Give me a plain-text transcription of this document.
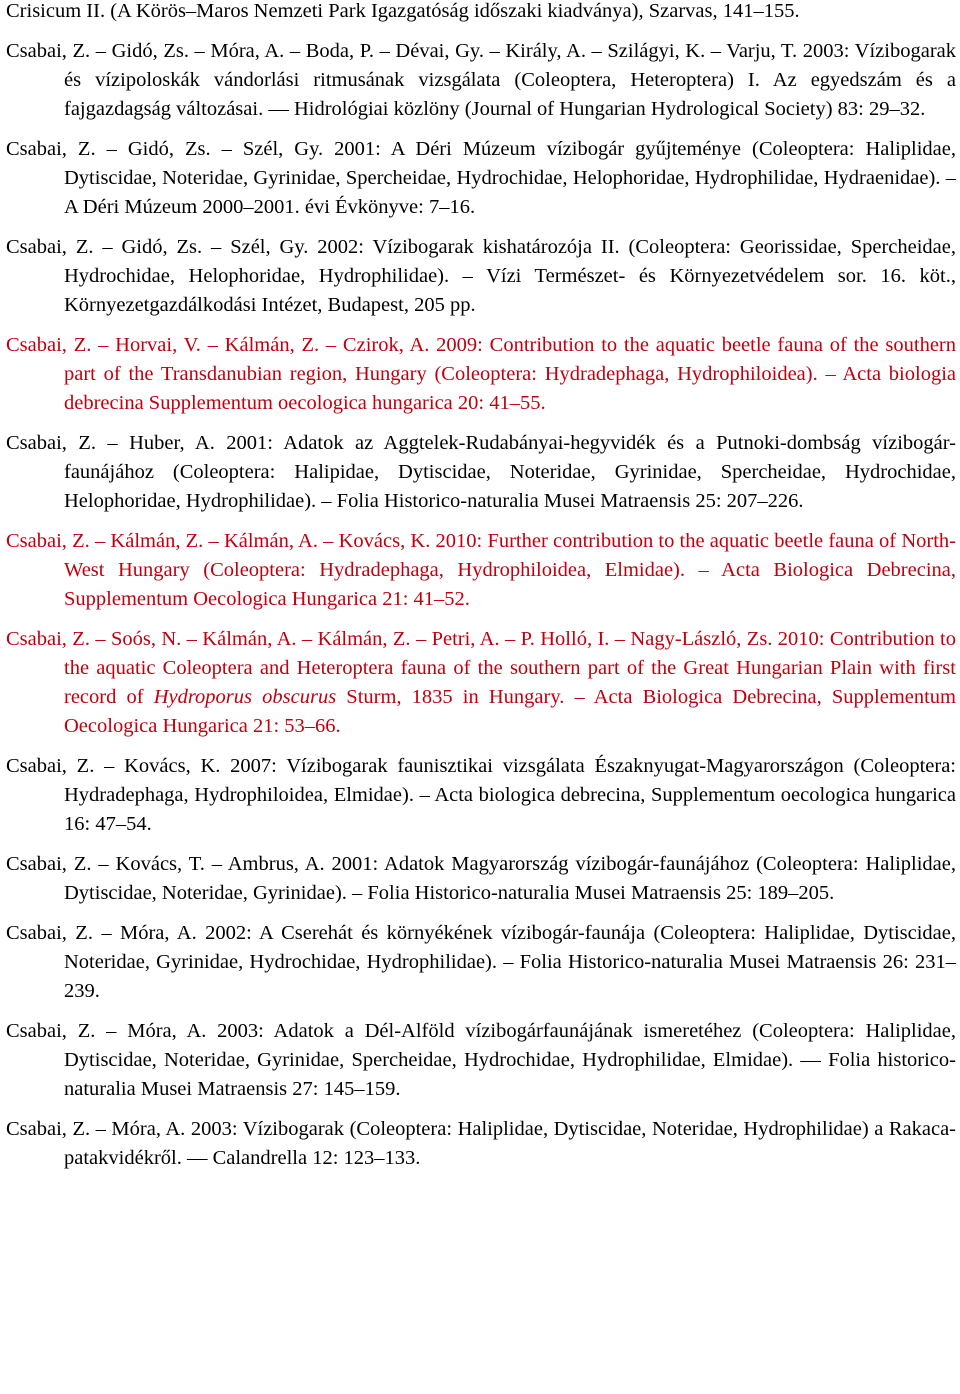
Crisicum II. (A Körös–Maros Nemzeti Park Igazgatóság időszaki kiadványa), Szarvas, 141–155.

Csabai, Z. – Gidó, Zs. – Móra, A. – Boda, P. – Dévai, Gy. – Király, A. – Szilágyi, K. – Varju, T. 2003: Vízibogarak és vízipoloskák vándorlási ritmusának vizsgálata (Coleoptera, Heteroptera) I. Az egyedszám és a fajgazdagság változásai. –– Hidrológiai közlöny (Journal of Hungarian Hydrological Society) 83: 29–32.

Csabai, Z. – Gidó, Zs. – Szél, Gy. 2001: A Déri Múzeum vízibogár gyűjteménye (Coleoptera: Haliplidae, Dytiscidae, Noteridae, Gyrinidae, Spercheidae, Hydrochidae, Helophoridae, Hydrophilidae, Hydraenidae). – A Déri Múzeum 2000–2001. évi Évkönyve: 7–16.

Csabai, Z. – Gidó, Zs. – Szél, Gy. 2002: Vízibogarak kishatározója II. (Coleoptera: Georissidae, Spercheidae, Hydrochidae, Helophoridae, Hydrophilidae). – Vízi Természet- és Környezetvédelem sor. 16. köt., Környezetgazdálkodási Intézet, Budapest, 205 pp.

Csabai, Z. – Horvai, V. – Kálmán, Z. – Czirok, A. 2009: Contribution to the aquatic beetle fauna of the southern part of the Transdanubian region, Hungary (Coleoptera: Hydradephaga, Hydrophiloidea). – Acta biologia debrecina Supplementum oecologica hungarica 20: 41–55.

Csabai, Z. – Huber, A. 2001: Adatok az Aggtelek-Rudabányai-hegyvidék és a Putnoki-dombság vízibogár-faunájához (Coleoptera: Halipidae, Dytiscidae, Noteridae, Gyrinidae, Spercheidae, Hydrochidae, Helophoridae, Hydrophilidae). – Folia Historico-naturalia Musei Matraensis 25: 207–226.

Csabai, Z. – Kálmán, Z. – Kálmán, A. – Kovács, K. 2010: Further contribution to the aquatic beetle fauna of North-West Hungary (Coleoptera: Hydradephaga, Hydrophiloidea, Elmidae). – Acta Biologica Debrecina, Supplementum Oecologica Hungarica 21: 41–52.

Csabai, Z. – Soós, N. – Kálmán, A. – Kálmán, Z. – Petri, A. – P. Holló, I. – Nagy-László, Zs. 2010: Contribution to the aquatic Coleoptera and Heteroptera fauna of the southern part of the Great Hungarian Plain with first record of Hydroporus obscurus Sturm, 1835 in Hungary. – Acta Biologica Debrecina, Supplementum Oecologica Hungarica 21: 53–66.

Csabai, Z. – Kovács, K. 2007: Vízibogarak faunisztikai vizsgálata Északnyugat-Magyarországon (Coleoptera: Hydradephaga, Hydrophiloidea, Elmidae). – Acta biologica debrecina, Supplementum oecologica hungarica 16: 47–54.

Csabai, Z. – Kovács, T. – Ambrus, A. 2001: Adatok Magyarország vízibogár-faunájához (Coleoptera: Haliplidae, Dytiscidae, Noteridae, Gyrinidae). – Folia Historico-naturalia Musei Matraensis 25: 189–205.

Csabai, Z. – Móra, A. 2002: A Cserehát és környékének vízibogár-faunája (Coleoptera: Haliplidae, Dytiscidae, Noteridae, Gyrinidae, Hydrochidae, Hydrophilidae). – Folia Historico-naturalia Musei Matraensis 26: 231–239.

Csabai, Z. – Móra, A. 2003: Adatok a Dél-Alföld vízibogárfaunájának ismeretéhez (Coleoptera: Haliplidae, Dytiscidae, Noteridae, Gyrinidae, Spercheidae, Hydrochidae, Hydrophilidae, Elmidae). –– Folia historico-naturalia Musei Matraensis 27: 145–159.

Csabai, Z. – Móra, A. 2003: Vízibogarak (Coleoptera: Haliplidae, Dytiscidae, Noteridae, Hydrophilidae) a Rakaca-patakvidékről. –– Calandrella 12: 123–133.
